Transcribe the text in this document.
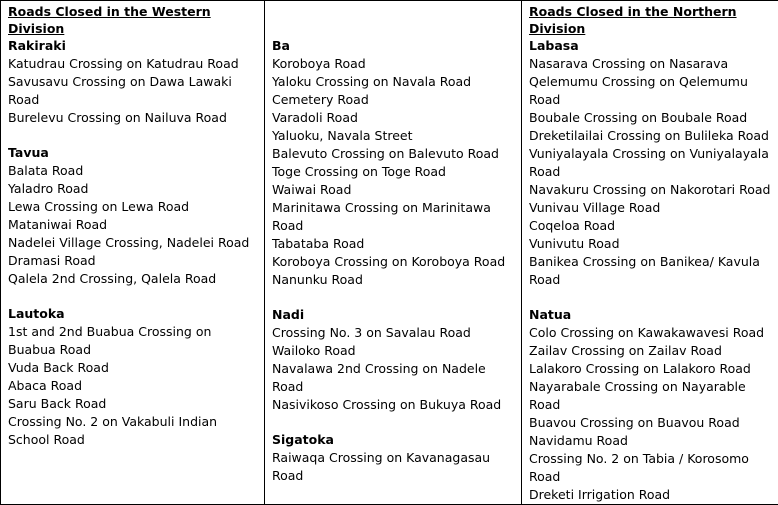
Roads Closed in the Western Division
Rakiraki
Katudrau Crossing on Katudrau Road
Savusavu Crossing on Dawa Lawaki Road
Burelevu Crossing on Nailuva Road
Tavua
Balata Road
Yaladro Road
Lewa Crossing on Lewa Road
Mataniwai Road
Nadelei Village Crossing, Nadelei Road
Dramasi Road
Qalela 2nd Crossing, Qalela Road
Lautoka
1st and 2nd Buabua Crossing on Buabua Road
Vuda Back Road
Abaca Road
Saru Back Road
Crossing No. 2 on Vakabuli Indian School Road

Ba
Koroboya Road
Yaloku Crossing on Navala Road
Cemetery Road
Varadoli Road
Yaluoku, Navala Street
Balevuto Crossing on Balevuto Road
Toge Crossing on Toge Road
Waiwai Road
Marinitawa Crossing on Marinitawa Road
Tabataba Road
Koroboya Crossing on Koroboya Road
Nanunku Road
Nadi
Crossing No. 3 on Savalau Road
Wailoko Road
Navalawa 2nd Crossing on Nadele Road
Nasivikoso Crossing on Bukuya Road
Sigatoka
Raiwaqa Crossing on Kavanagasau Road

Roads Closed in the Northern Division
Labasa
Nasarava Crossing on Nasarava
Qelemumu Crossing on Qelemumu Road
Boubale Crossing on Boubale Road
Dreketilailai Crossing on Bulileka Road
Vuniyalayala Crossing on Vuniyalayala Road
Navakuru Crossing on Nakorotari Road
Vunivau Village Road
Coqeloa Road
Vunivutu Road
Banikea Crossing on Banikea/ Kavula Road
Natua
Colo Crossing on Kawakawavesi Road
Zailav Crossing on Zailav Road
Lalakoro Crossing on Lalakoro Road
Nayarabale Crossing on Nayarable Road
Buavou Crossing on Buavou Road
Navidamu Road
Crossing No. 2 on Tabia / Korosomo Road
Dreketi Irrigation Road
